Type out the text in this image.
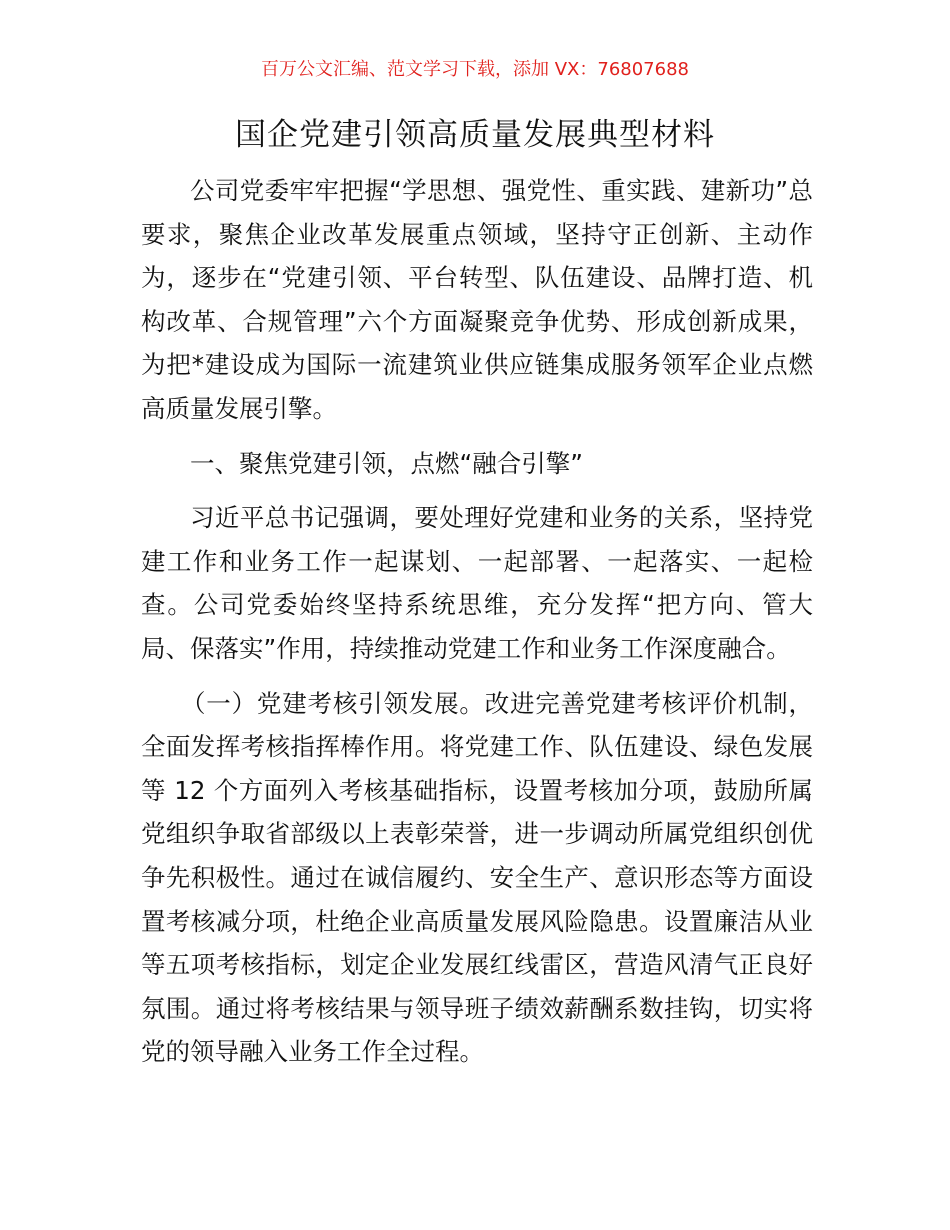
百万公文汇编、范文学习下载，添加 VX：76807688
国企党建引领高质量发展典型材料

公司党委牢牢把握“学思想、强党性、重实践、建新功”总要求，聚焦企业改革发展重点领域，坚持守正创新、主动作为，逐步在“党建引领、平台转型、队伍建设、品牌打造、机构改革、合规管理”六个方面凝聚竞争优势、形成创新成果，为把*建设成为国际一流建筑业供应链集成服务领军企业点燃高质量发展引擎。

一、聚焦党建引领，点燃“融合引擎”

习近平总书记强调，要处理好党建和业务的关系，坚持党建工作和业务工作一起谋划、一起部署、一起落实、一起检查。公司党委始终坚持系统思维，充分发挥“把方向、管大局、保落实”作用，持续推动党建工作和业务工作深度融合。

（一）党建考核引领发展。改进完善党建考核评价机制，全面发挥考核指挥棒作用。将党建工作、队伍建设、绿色发展等 12 个方面列入考核基础指标，设置考核加分项，鼓励所属党组织争取省部级以上表彰荣誉，进一步调动所属党组织创优争先积极性。通过在诚信履约、安全生产、意识形态等方面设置考核减分项，杜绝企业高质量发展风险隐患。设置廉洁从业等五项考核指标，划定企业发展红线雷区，营造风清气正良好氛围。通过将考核结果与领导班子绩效薪酬系数挂钩，切实将党的领导融入业务工作全过程。
